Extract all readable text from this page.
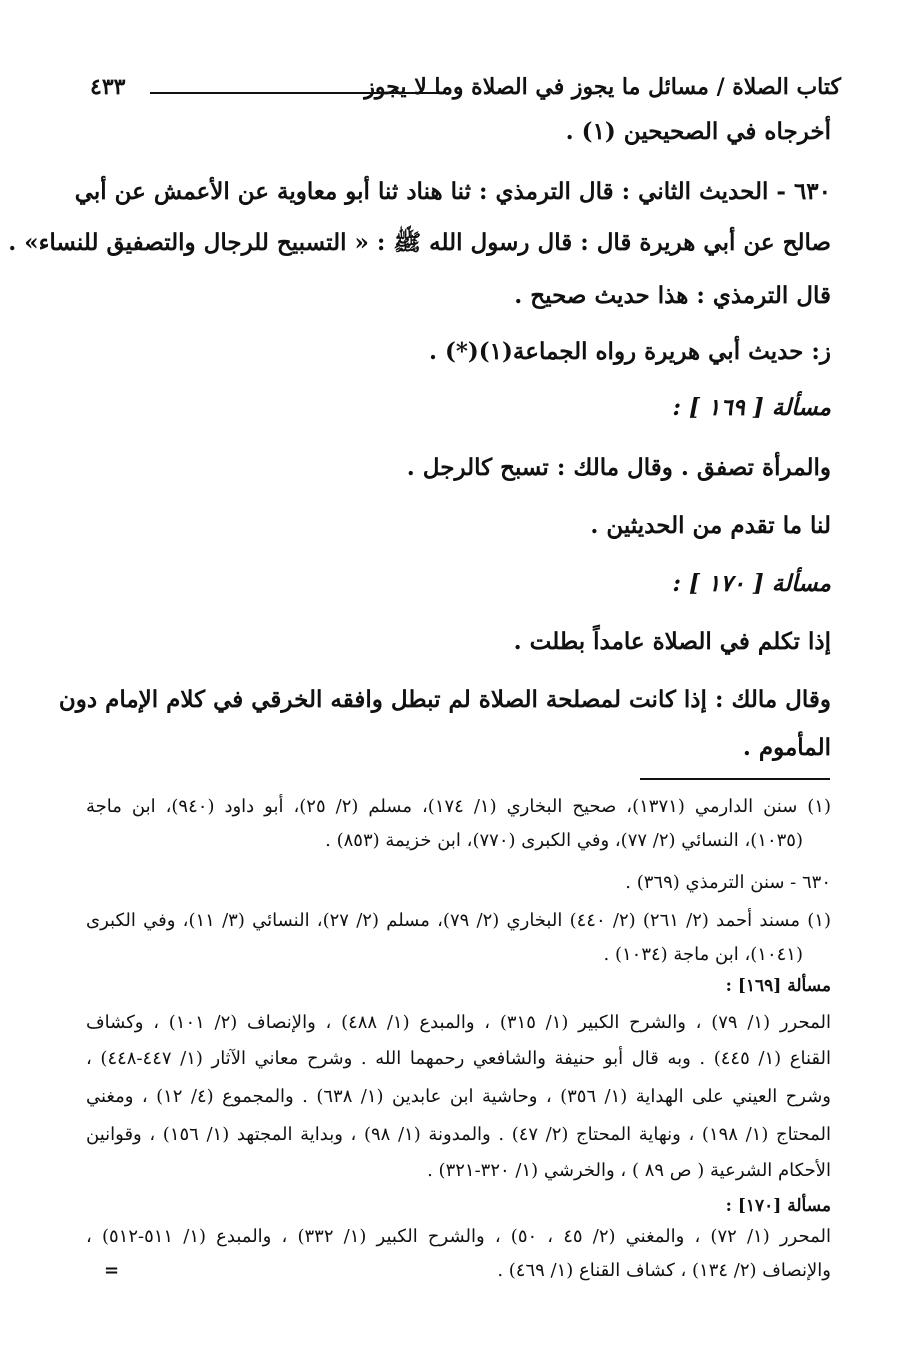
كتاب الصلاة / مسائل ما يجوز في الصلاة وما لا يجوز
٤٣٣
أخرجاه في الصحيحين (١) .
٦٣٠ - الحديث الثاني : قال الترمذي : ثنا هناد ثنا أبو معاوية عن الأعمش عن أبي
صالح عن أبي هريرة قال : قال رسول الله ﷺ : « التسبيح للرجال والتصفيق للنساء» .
قال الترمذي : هذا حديث صحيح .
ز: حديث أبي هريرة رواه الجماعة(١)(*) .
مسألة [ ١٦٩ ] :
والمرأة تصفق . وقال مالك : تسبح كالرجل .
لنا ما تقدم من الحديثين .
مسألة [ ١٧٠ ] :
إذا تكلم في الصلاة عامداً بطلت .
وقال مالك : إذا كانت لمصلحة الصلاة لم تبطل وافقه الخرقي في كلام الإمام دون
المأموم .
(١) سنن الدارمي (١٣٧١)، صحيح البخاري (١/ ١٧٤)، مسلم (٢/ ٢٥)، أبو داود (٩٤٠)، ابن ماجة
(١٠٣٥)، النسائي (٢/ ٧٧)، وفي الكبرى (٧٧٠)، ابن خزيمة (٨٥٣) .
٦٣٠ - سنن الترمذي (٣٦٩) .
(١) مسند أحمد (٢/ ٢٦١) (٢/ ٤٤٠) البخاري (٢/ ٧٩)، مسلم (٢/ ٢٧)، النسائي (٣/ ١١)، وفي الكبرى
(١٠٤١)، ابن ماجة (١٠٣٤) .
مسألة [١٦٩] :
المحرر (١/ ٧٩) ، والشرح الكبير (١/ ٣١٥) ، والمبدع (١/ ٤٨٨) ، والإنصاف (٢/ ١٠١) ، وكشاف
القناع (١/ ٤٤٥) . وبه قال أبو حنيفة والشافعي رحمهما الله . وشرح معاني الآثار (١/ ٤٤٧-٤٤٨) ،
وشرح العيني على الهداية (١/ ٣٥٦) ، وحاشية ابن عابدين (١/ ٦٣٨) . والمجموع (٤/ ١٢) ، ومغني
المحتاج (١/ ١٩٨) ، ونهاية المحتاج (٢/ ٤٧) . والمدونة (١/ ٩٨) ، وبداية المجتهد (١/ ١٥٦) ، وقوانين
الأحكام الشرعية ( ص ٨٩ ) ، والخرشي (١/ ٣٢٠-٣٢١) .
مسألة [١٧٠] :
المحرر (١/ ٧٢) ، والمغني (٢/ ٤٥ ، ٥٠) ، والشرح الكبير (١/ ٣٣٢) ، والمبدع (١/ ٥١١-٥١٢) ،
والإنصاف (٢/ ١٣٤) ، كشاف القناع (١/ ٤٦٩) .
=
